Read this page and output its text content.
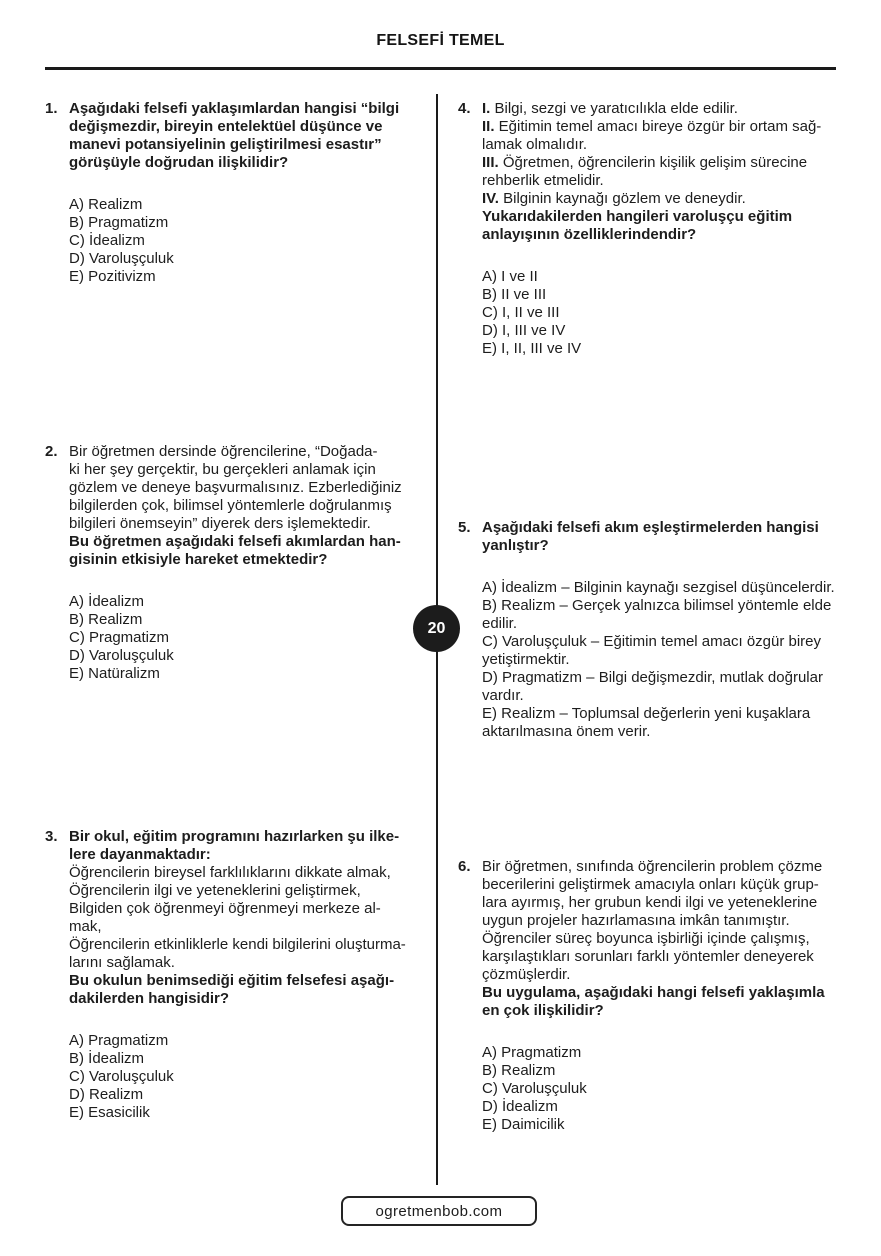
FELSEFİ TEMEL
20
1. Aşağıdaki felsefi yaklaşımlardan hangisi “bilgi
değişmezdir, bireyin entelektüel düşünce ve
manevi potansiyelinin geliştirilmesi esastır”
görüşüyle doğrudan ilişkilidir?
A) Realizm
B) Pragmatizm
C) İdealizm
D) Varoluşçuluk
E) Pozitivizm
2. Bir öğretmen dersinde öğrencilerine, “Doğada-
ki her şey gerçektir, bu gerçekleri anlamak için
gözlem ve deneye başvurmalısınız. Ezberlediğiniz
bilgilerden çok, bilimsel yöntemlerle doğrulanmış
bilgileri önemseyin” diyerek ders işlemektedir.
Bu öğretmen aşağıdaki felsefi akımlardan han-
gisinin etkisiyle hareket etmektedir?
A) İdealizm
B) Realizm
C) Pragmatizm
D) Varoluşçuluk
E) Natüralizm
3. Bir okul, eğitim programını hazırlarken şu ilke-
lere dayanmaktadır:
Öğrencilerin bireysel farklılıklarını dikkate almak,
Öğrencilerin ilgi ve yeteneklerini geliştirmek,
Bilgiden çok öğrenmeyi öğrenmeyi merkeze al-
mak,
Öğrencilerin etkinliklerle kendi bilgilerini oluşturma-
larını sağlamak.
Bu okulun benimsediği eğitim felsefesi aşağı-
dakilerden hangisidir?
A) Pragmatizm
B) İdealizm
C) Varoluşçuluk
D) Realizm
E) Esasicilik
4. I. Bilgi, sezgi ve yaratıcılıkla elde edilir.
II. Eğitimin temel amacı bireye özgür bir ortam sağ-
lamak olmalıdır.
III. Öğretmen, öğrencilerin kişilik gelişim sürecine
rehberlik etmelidir.
IV. Bilginin kaynağı gözlem ve deneydir.
Yukarıdakilerden hangileri varoluşçu eğitim
anlayışının özelliklerindendir?
A) I ve II
B) II ve III
C) I, II ve III
D) I, III ve IV
E) I, II, III ve IV
5. Aşağıdaki felsefi akım eşleştirmelerden hangisi
yanlıştır?
A) İdealizm – Bilginin kaynağı sezgisel düşüncelerdir.
B) Realizm – Gerçek yalnızca bilimsel yöntemle elde
edilir.
C) Varoluşçuluk – Eğitimin temel amacı özgür birey
yetiştirmektir.
D) Pragmatizm – Bilgi değişmezdir, mutlak doğrular
vardır.
E) Realizm – Toplumsal değerlerin yeni kuşaklara
aktarılmasına önem verir.
6. Bir öğretmen, sınıfında öğrencilerin problem çözme
becerilerini geliştirmek amacıyla onları küçük grup-
lara ayırmış, her grubun kendi ilgi ve yeteneklerine
uygun projeler hazırlamasına imkân tanımıştır.
Öğrenciler süreç boyunca işbirliği içinde çalışmış,
karşılaştıkları sorunları farklı yöntemler deneyerek
çözmüşlerdir.
Bu uygulama, aşağıdaki hangi felsefi yaklaşımla
en çok ilişkilidir?
A) Pragmatizm
B) Realizm
C) Varoluşçuluk
D) İdealizm
E) Daimicilik
ogretmenbob.com
